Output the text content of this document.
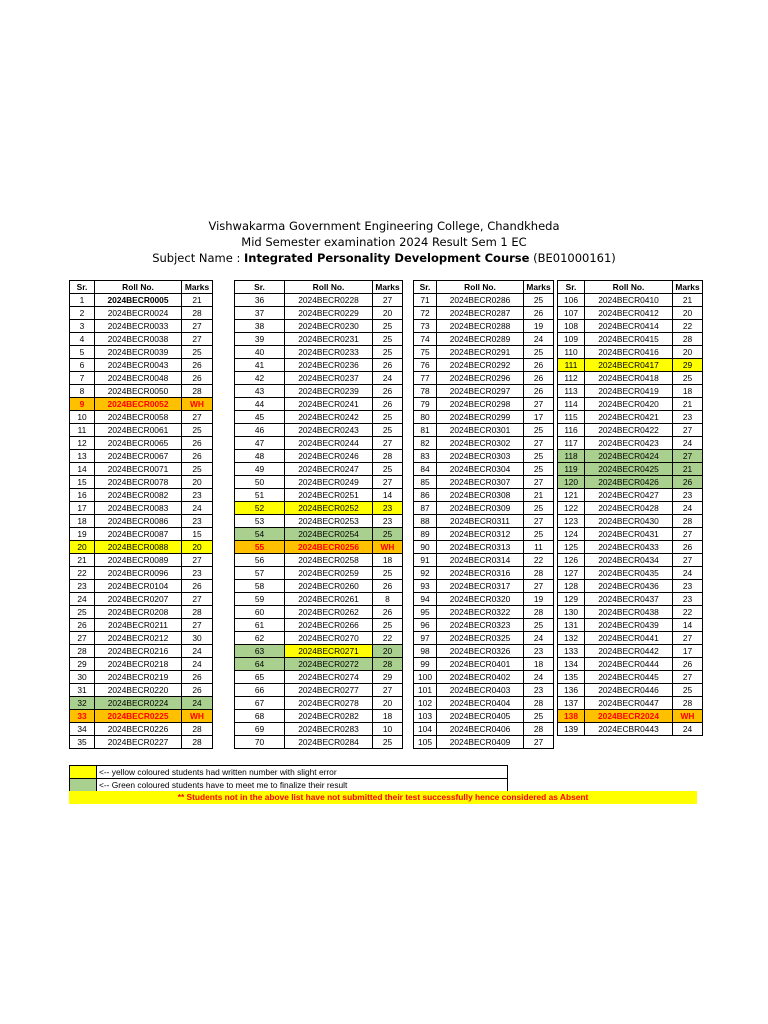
Vishwakarma Government Engineering College, Chandkheda
Mid Semester examination 2024 Result Sem 1 EC
Subject Name : Integrated Personality Development Course (BE01000161)
Sr.	Roll No.	Marks
1	2024BECR0005	21
2	2024BECR0024	28
3	2024BECR0033	27
4	2024BECR0038	27
5	2024BECR0039	25
6	2024BECR0043	26
7	2024BECR0048	26
8	2024BECR0050	28
9	2024BECR0052	WH
10	2024BECR0058	27
11	2024BECR0061	25
12	2024BECR0065	26
13	2024BECR0067	26
14	2024BECR0071	25
15	2024BECR0078	20
16	2024BECR0082	23
17	2024BECR0083	24
18	2024BECR0086	23
19	2024BECR0087	15
20	2024BECR0088	20
21	2024BECR0089	27
22	2024BECR0096	23
23	2024BECR0104	26
24	2024BECR0207	27
25	2024BECR0208	28
26	2024BECR0211	27
27	2024BECR0212	30
28	2024BECR0216	24
29	2024BECR0218	24
30	2024BECR0219	26
31	2024BECR0220	26
32	2024BECR0224	24
33	2024BECR0225	WH
34	2024BECR0226	28
35	2024BECR0227	28
Sr.	Roll No.	Marks
36	2024BECR0228	27
37	2024BECR0229	20
38	2024BECR0230	25
39	2024BECR0231	25
40	2024BECR0233	25
41	2024BECR0236	26
42	2024BECR0237	24
43	2024BECR0239	26
44	2024BECR0241	26
45	2024BECR0242	25
46	2024BECR0243	25
47	2024BECR0244	27
48	2024BECR0246	28
49	2024BECR0247	25
50	2024BECR0249	27
51	2024BECR0251	14
52	2024BECR0252	23
53	2024BECR0253	23
54	2024BECR0254	25
55	2024BECR0256	WH
56	2024BECR0258	18
57	2024BECR0259	25
58	2024BECR0260	26
59	2024BECR0261	8
60	2024BECR0262	26
61	2024BECR0266	25
62	2024BECR0270	22
63	2024BECR0271	20
64	2024BECR0272	28
65	2024BECR0274	29
66	2024BECR0277	27
67	2024BECR0278	20
68	2024BECR0282	18
69	2024BECR0283	10
70	2024BECR0284	25
Sr.	Roll No.	Marks
71	2024BECR0286	25
72	2024BECR0287	26
73	2024BECR0288	19
74	2024BECR0289	24
75	2024BECR0291	25
76	2024BECR0292	26
77	2024BECR0296	26
78	2024BECR0297	26
79	2024BECR0298	27
80	2024BECR0299	17
81	2024BECR0301	25
82	2024BECR0302	27
83	2024BECR0303	25
84	2024BECR0304	25
85	2024BECR0307	27
86	2024BECR0308	21
87	2024BECR0309	25
88	2024BECR0311	27
89	2024BECR0312	25
90	2024BECR0313	11
91	2024BECR0314	22
92	2024BECR0316	28
93	2024BECR0317	27
94	2024BECR0320	19
95	2024BECR0322	28
96	2024BECR0323	25
97	2024BECR0325	24
98	2024BECR0326	23
99	2024BECR0401	18
100	2024BECR0402	24
101	2024BECR0403	23
102	2024BECR0404	28
103	2024BECR0405	25
104	2024BECR0406	28
105	2024BECR0409	27
Sr.	Roll No.	Marks
106	2024BECR0410	21
107	2024BECR0412	20
108	2024BECR0414	22
109	2024BECR0415	28
110	2024BECR0416	20
111	2024BECR0417	29
112	2024BECR0418	25
113	2024BECR0419	18
114	2024BECR0420	21
115	2024BECR0421	23
116	2024BECR0422	27
117	2024BECR0423	24
118	2024BECR0424	27
119	2024BECR0425	21
120	2024BECR0426	26
121	2024BECR0427	23
122	2024BECR0428	24
123	2024BECR0430	28
124	2024BECR0431	27
125	2024BECR0433	26
126	2024BECR0434	27
127	2024BECR0435	24
128	2024BECR0436	23
129	2024BECR0437	23
130	2024BECR0438	22
131	2024BECR0439	14
132	2024BECR0441	27
133	2024BECR0442	17
134	2024BECR0444	26
135	2024BECR0445	27
136	2024BECR0446	25
137	2024BECR0447	28
138	2024BECR2024	WH
139	2024ECBR0443	24
	<-- yellow coloured students had written number with slight error
	<-- Green coloured students have to meet me to finalize their result
** Students not in the above list have not submitted their test successfully hence considered as Absent
